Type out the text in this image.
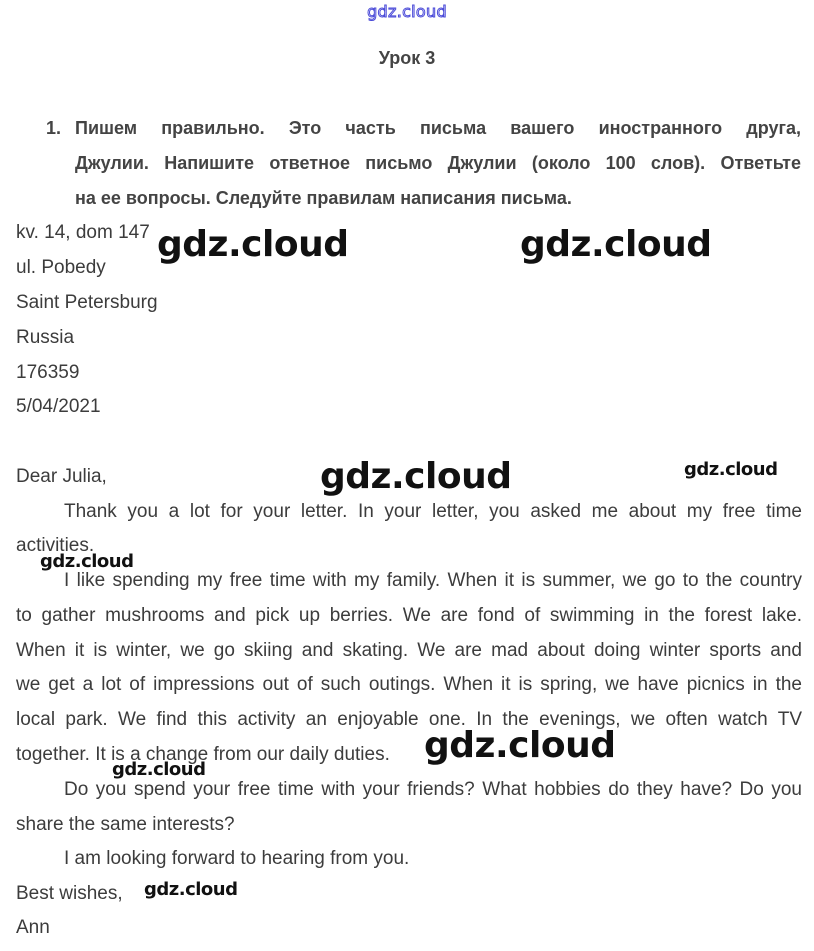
gdz.cloud
Урок 3
1. Пишем правильно. Это часть письма вашего иностранного друга,
Джулии. Напишите ответное письмо Джулии (около 100 слов). Ответьте
на ее вопросы. Следуйте правилам написания письма.
kv. 14, dom 147
ul. Pobedy
Saint Petersburg
Russia
176359
5/04/2021
Dear Julia,
Thank you a lot for your letter. In your letter, you asked me about my free time
activities.
I like spending my free time with my family. When it is summer, we go to the country
to gather mushrooms and pick up berries. We are fond of swimming in the forest lake.
When it is winter, we go skiing and skating. We are mad about doing winter sports and
we get a lot of impressions out of such outings. When it is spring, we have picnics in the
local park. We find this activity an enjoyable one. In the evenings, we often watch TV
together. It is a change from our daily duties.
Do you spend your free time with your friends? What hobbies do they have? Do you
share the same interests?
I am looking forward to hearing from you.
Best wishes,
Ann
gdz.cloud	gdz.cloud
gdz.cloud	gdz.cloud
gdz.cloud
gdz.cloud
gdz.cloud
gdz.cloud
